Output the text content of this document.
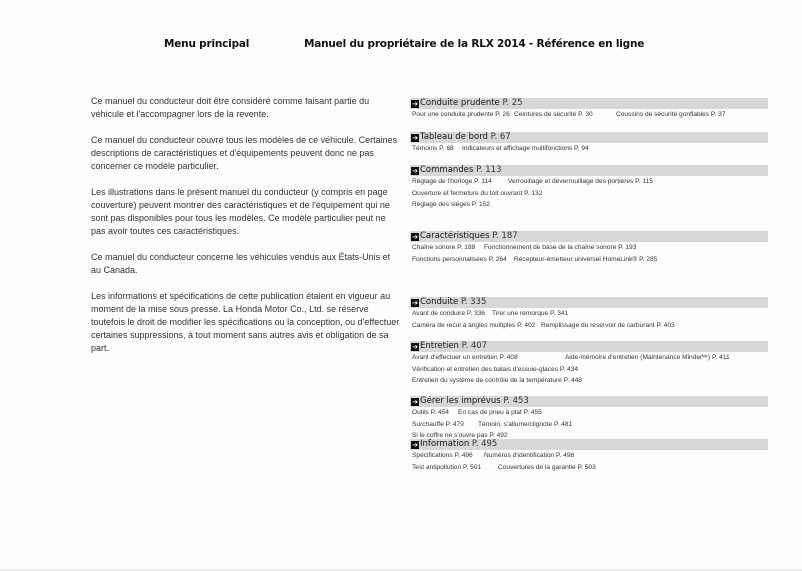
Menu principal	Manuel du propriétaire de la RLX 2014 - Référence en ligne

Ce manuel du conducteur doit être considéré comme faisant partie du véhicule et l'accompagner lors de la revente.

Ce manuel du conducteur couvre tous les modèles de ce véhicule. Certaines descriptions de caractéristiques et d'équipements peuvent donc ne pas concerner ce modèle particulier.

Les illustrations dans le présent manuel du conducteur (y compris en page couverture) peuvent montrer des caractéristiques et de l'équipement qui ne sont pas disponibles pour tous les modèles. Ce modèle particulier peut ne pas avoir toutes ces caractéristiques.

Ce manuel du conducteur concerne les véhicules vendus aux États-Unis et au Canada.

Les informations et spécifications de cette publication étaient en vigueur au moment de la mise sous presse. La Honda Motor Co., Ltd. se réserve toutefois le droit de modifier les spécifications ou la conception, ou d'effectuer certaines suppressions, à tout moment sans autres avis et obligation de sa part.

➔ Conduite prudente P. 25
Pour une conduite prudente P. 26 Ceintures de sécurité P. 30	Coussins de sécurité gonflables P. 37
➔ Tableau de bord P. 67
Témoins P. 68 Indicateurs et affichage multifonctions P. 94
➔ Commandes P. 113
Réglage de l'horloge P. 114 Verrouillage et déverrouillage des portières P. 115
Ouverture et fermeture du toit ouvrant P. 132
Réglage des sièges P. 152
➔ Caractéristiques P. 187
Chaîne sonore P. 188 Fonctionnement de base de la chaîne sonore P. 193
Fonctions personnalisées P. 264 Récepteur-émetteur universel HomeLink® P. 285
➔ Conduite P. 335
Avant de conduire P. 336 Tirer une remorque P. 341
Caméra de recul à angles multiples P. 402 Remplissage du réservoir de carburant P. 403
➔ Entretien P. 407
Avant d'effectuer un entretien P. 408	Aide-mémoire d'entretien (Maintenance Minderᴹᶜ) P. 411
Vérification et entretien des balais d'essuie-glaces P. 434
Entretien du système de contrôle de la température P. 448
➔ Gérer les imprévus P. 453
Outils P. 454 En cas de pneu à plat P. 455
Surchauffe P. 479 Témoin, s'allume/clignote P. 481
Si le coffre ne s'ouvre pas P. 492
➔ Information P. 495
Spécifications P. 496 Numéros d'identification P. 498
Test antipollution P. 501	Couvertures de la garantie P. 503
